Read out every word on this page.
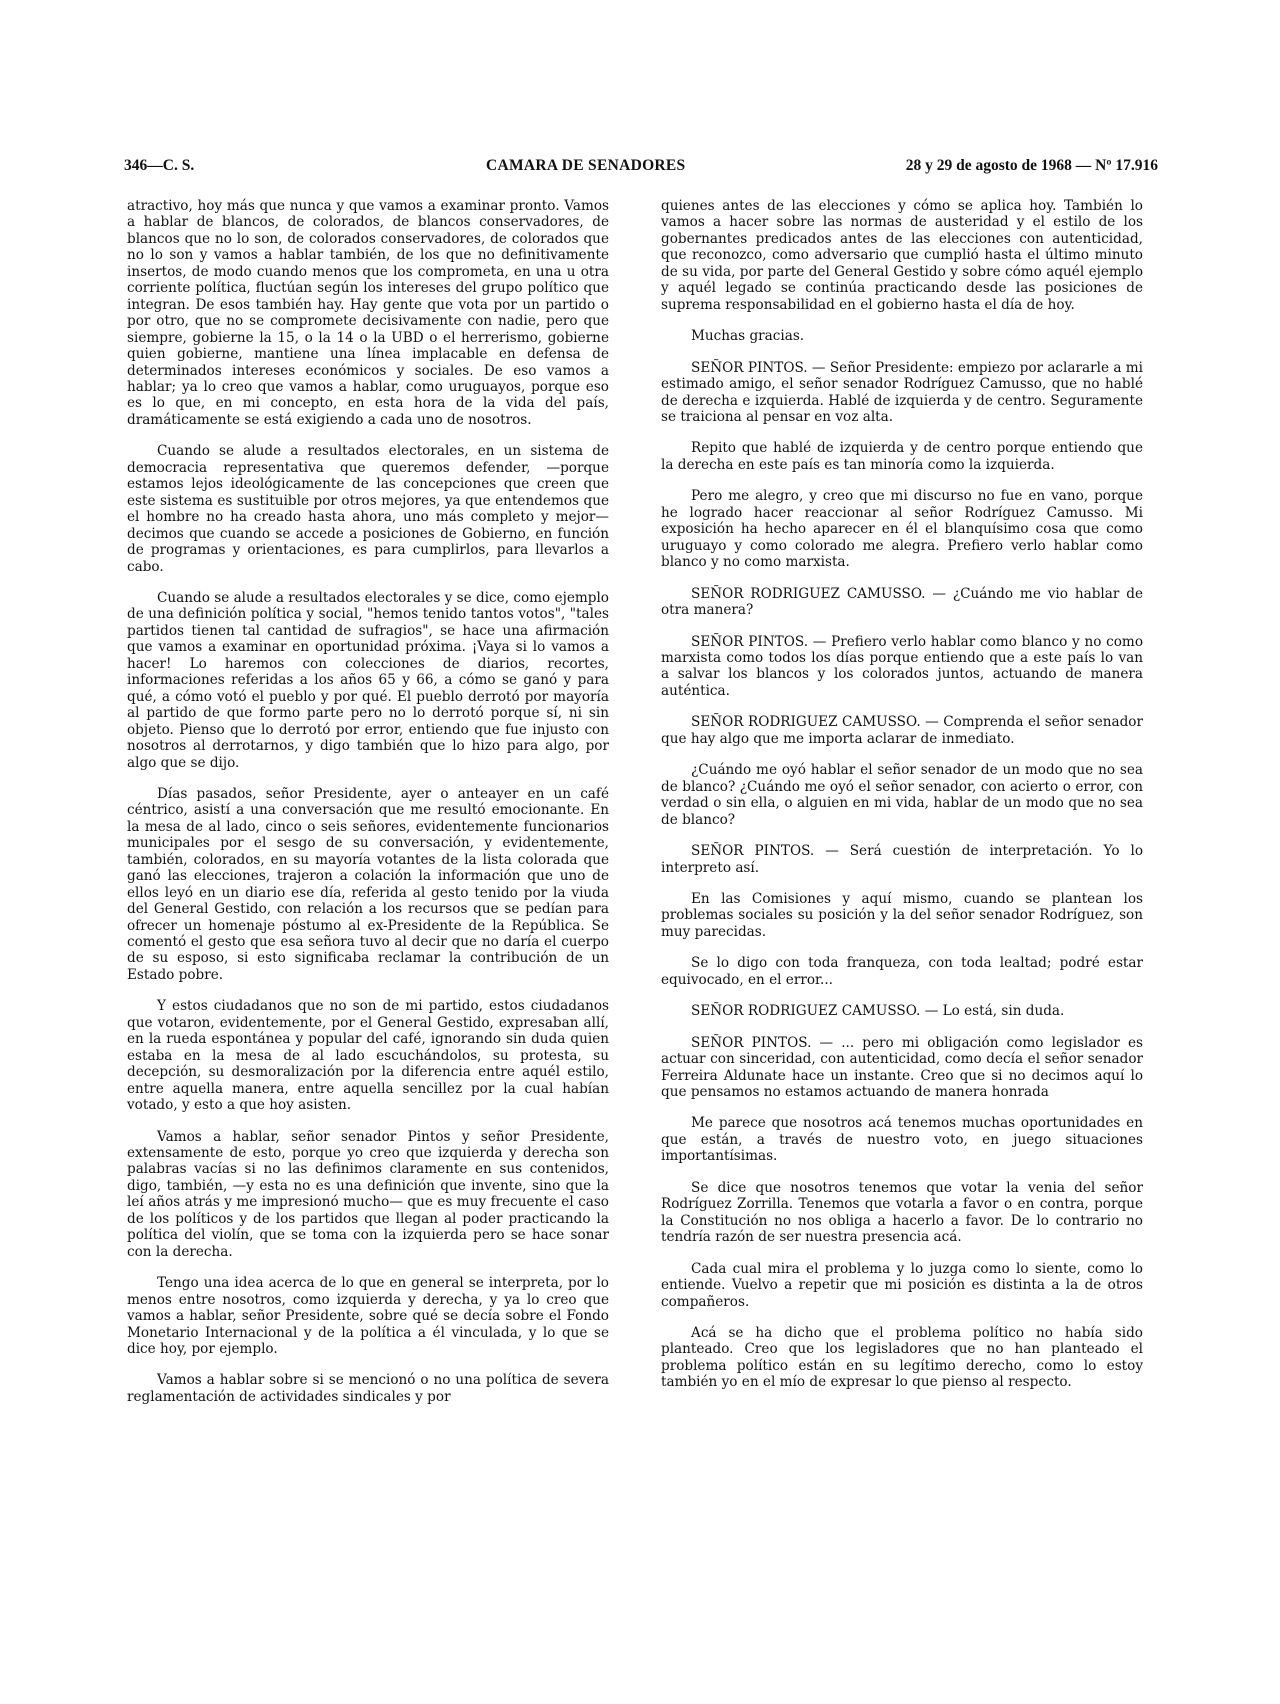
346—C. S.	CAMARA DE SENADORES	28 y 29 de agosto de 1968 — Nº 17.916

atractivo, hoy más que nunca y que vamos a examinar pronto. Vamos a hablar de blancos, de colorados, de blancos conservadores, de blancos que no lo son, de colorados conservadores, de colorados que no lo son y vamos a hablar también, de los que no definitivamente insertos, de modo cuando menos que los comprometa, en una u otra corriente política, fluctúan según los intereses del grupo político que integran. De esos también hay. Hay gente que vota por un partido o por otro, que no se compromete decisivamente con nadie, pero que siempre, gobierne la 15, o la 14 o la UBD o el herrerismo, gobierne quien gobierne, mantiene una línea implacable en defensa de determinados intereses económicos y sociales. De eso vamos a hablar; ya lo creo que vamos a hablar, como uruguayos, porque eso es lo que, en mi concepto, en esta hora de la vida del país, dramáticamente se está exigiendo a cada uno de nosotros.

Cuando se alude a resultados electorales, en un sistema de democracia representativa que queremos defender, —porque estamos lejos ideológicamente de las concepciones que creen que este sistema es sustituible por otros mejores, ya que entendemos que el hombre no ha creado hasta ahora, uno más completo y mejor— decimos que cuando se accede a posiciones de Gobierno, en función de programas y orientaciones, es para cumplirlos, para llevarlos a cabo.

Cuando se alude a resultados electorales y se dice, como ejemplo de una definición política y social, "hemos tenido tantos votos", "tales partidos tienen tal cantidad de sufragios", se hace una afirmación que vamos a examinar en oportunidad próxima. ¡Vaya si lo vamos a hacer! Lo haremos con colecciones de diarios, recortes, informaciones referidas a los años 65 y 66, a cómo se ganó y para qué, a cómo votó el pueblo y por qué. El pueblo derrotó por mayoría al partido de que formo parte pero no lo derrotó porque sí, ni sin objeto. Pienso que lo derrotó por error, entiendo que fue injusto con nosotros al derrotarnos, y digo también que lo hizo para algo, por algo que se dijo.

Días pasados, señor Presidente, ayer o anteayer en un café céntrico, asistí a una conversación que me resultó emocionante. En la mesa de al lado, cinco o seis señores, evidentemente funcionarios municipales por el sesgo de su conversación, y evidentemente, también, colorados, en su mayoría votantes de la lista colorada que ganó las elecciones, trajeron a colación la información que uno de ellos leyó en un diario ese día, referida al gesto tenido por la viuda del General Gestido, con relación a los recursos que se pedían para ofrecer un homenaje póstumo al ex-Presidente de la República. Se comentó el gesto que esa señora tuvo al decir que no daría el cuerpo de su esposo, si esto significaba reclamar la contribución de un Estado pobre.

Y estos ciudadanos que no son de mi partido, estos ciudadanos que votaron, evidentemente, por el General Gestido, expresaban allí, en la rueda espontánea y popular del café, ignorando sin duda quien estaba en la mesa de al lado escuchándolos, su protesta, su decepción, su desmoralización por la diferencia entre aquél estilo, entre aquella manera, entre aquella sencillez por la cual habían votado, y esto a que hoy asisten.

Vamos a hablar, señor senador Pintos y señor Presidente, extensamente de esto, porque yo creo que izquierda y derecha son palabras vacías si no las definimos claramente en sus contenidos, digo, también, —y esta no es una definición que invente, sino que la leí años atrás y me impresionó mucho— que es muy frecuente el caso de los políticos y de los partidos que llegan al poder practicando la política del violín, que se toma con la izquierda pero se hace sonar con la derecha.

Tengo una idea acerca de lo que en general se interpreta, por lo menos entre nosotros, como izquierda y derecha, y ya lo creo que vamos a hablar, señor Presidente, sobre qué se decía sobre el Fondo Monetario Internacional y de la política a él vinculada, y lo que se dice hoy, por ejemplo.

Vamos a hablar sobre si se mencionó o no una política de severa reglamentación de actividades sindicales y por

quienes antes de las elecciones y cómo se aplica hoy. También lo vamos a hacer sobre las normas de austeridad y el estilo de los gobernantes predicados antes de las elecciones con autenticidad, que reconozco, como adversario que cumplió hasta el último minuto de su vida, por parte del General Gestido y sobre cómo aquél ejemplo y aquél legado se continúa practicando desde las posiciones de suprema responsabilidad en el gobierno hasta el día de hoy.

Muchas gracias.

SEÑOR PINTOS. — Señor Presidente: empiezo por aclararle a mi estimado amigo, el señor senador Rodríguez Camusso, que no hablé de derecha e izquierda. Hablé de izquierda y de centro. Seguramente se traiciona al pensar en voz alta.

Repito que hablé de izquierda y de centro porque entiendo que la derecha en este país es tan minoría como la izquierda.

Pero me alegro, y creo que mi discurso no fue en vano, porque he logrado hacer reaccionar al señor Rodríguez Camusso. Mi exposición ha hecho aparecer en él el blanquísimo cosa que como uruguayo y como colorado me alegra. Prefiero verlo hablar como blanco y no como marxista.

SEÑOR RODRIGUEZ CAMUSSO. — ¿Cuándo me vio hablar de otra manera?

SEÑOR PINTOS. — Prefiero verlo hablar como blanco y no como marxista como todos los días porque entiendo que a este país lo van a salvar los blancos y los colorados juntos, actuando de manera auténtica.

SEÑOR RODRIGUEZ CAMUSSO. — Comprenda el señor senador que hay algo que me importa aclarar de inmediato.

¿Cuándo me oyó hablar el señor senador de un modo que no sea de blanco? ¿Cuándo me oyó el señor senador, con acierto o error, con verdad o sin ella, o alguien en mi vida, hablar de un modo que no sea de blanco?

SEÑOR PINTOS. — Será cuestión de interpretación. Yo lo interpreto así.

En las Comisiones y aquí mismo, cuando se plantean los problemas sociales su posición y la del señor senador Rodríguez, son muy parecidas.

Se lo digo con toda franqueza, con toda lealtad; podré estar equivocado, en el error...

SEÑOR RODRIGUEZ CAMUSSO. — Lo está, sin duda.

SEÑOR PINTOS. — ... pero mi obligación como legislador es actuar con sinceridad, con autenticidad, como decía el señor senador Ferreira Aldunate hace un instante. Creo que si no decimos aquí lo que pensamos no estamos actuando de manera honrada

Me parece que nosotros acá tenemos muchas oportunidades en que están, a través de nuestro voto, en juego situaciones importantísimas.

Se dice que nosotros tenemos que votar la venia del señor Rodríguez Zorrilla. Tenemos que votarla a favor o en contra, porque la Constitución no nos obliga a hacerlo a favor. De lo contrario no tendría razón de ser nuestra presencia acá.

Cada cual mira el problema y lo juzga como lo siente, como lo entiende. Vuelvo a repetir que mi posición es distinta a la de otros compañeros.

Acá se ha dicho que el problema político no había sido planteado. Creo que los legisladores que no han planteado el problema político están en su legítimo derecho, como lo estoy también yo en el mío de expresar lo que pienso al respecto.
